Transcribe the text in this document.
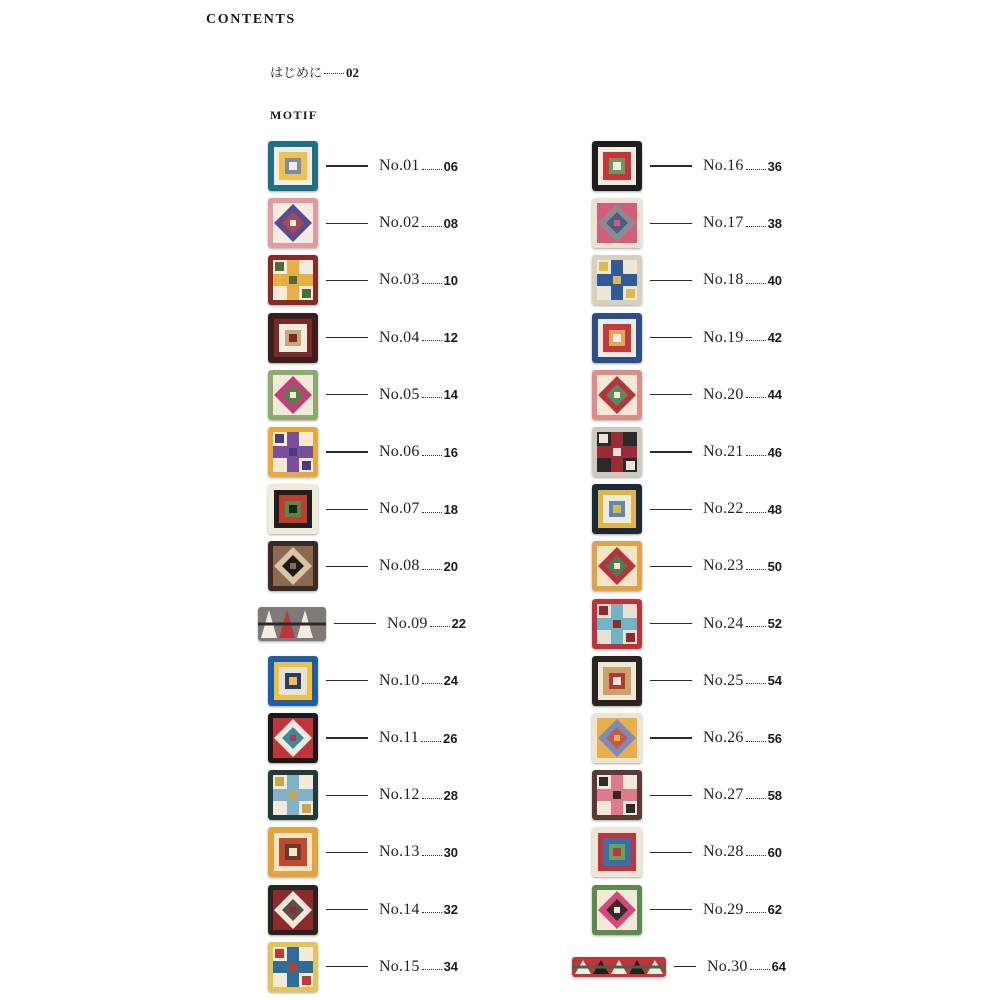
CONTENTS
はじめに 02
MOTIF
No.01 06
No.02 08
No.03 10
No.04 12
No.05 14
No.06 16
No.07 18
No.08 20
No.09 22
No.10 24
No.11 26
No.12 28
No.13 30
No.14 32
No.15 34
No.16 36
No.17 38
No.18 40
No.19 42
No.20 44
No.21 46
No.22 48
No.23 50
No.24 52
No.25 54
No.26 56
No.27 58
No.28 60
No.29 62
No.30 64
